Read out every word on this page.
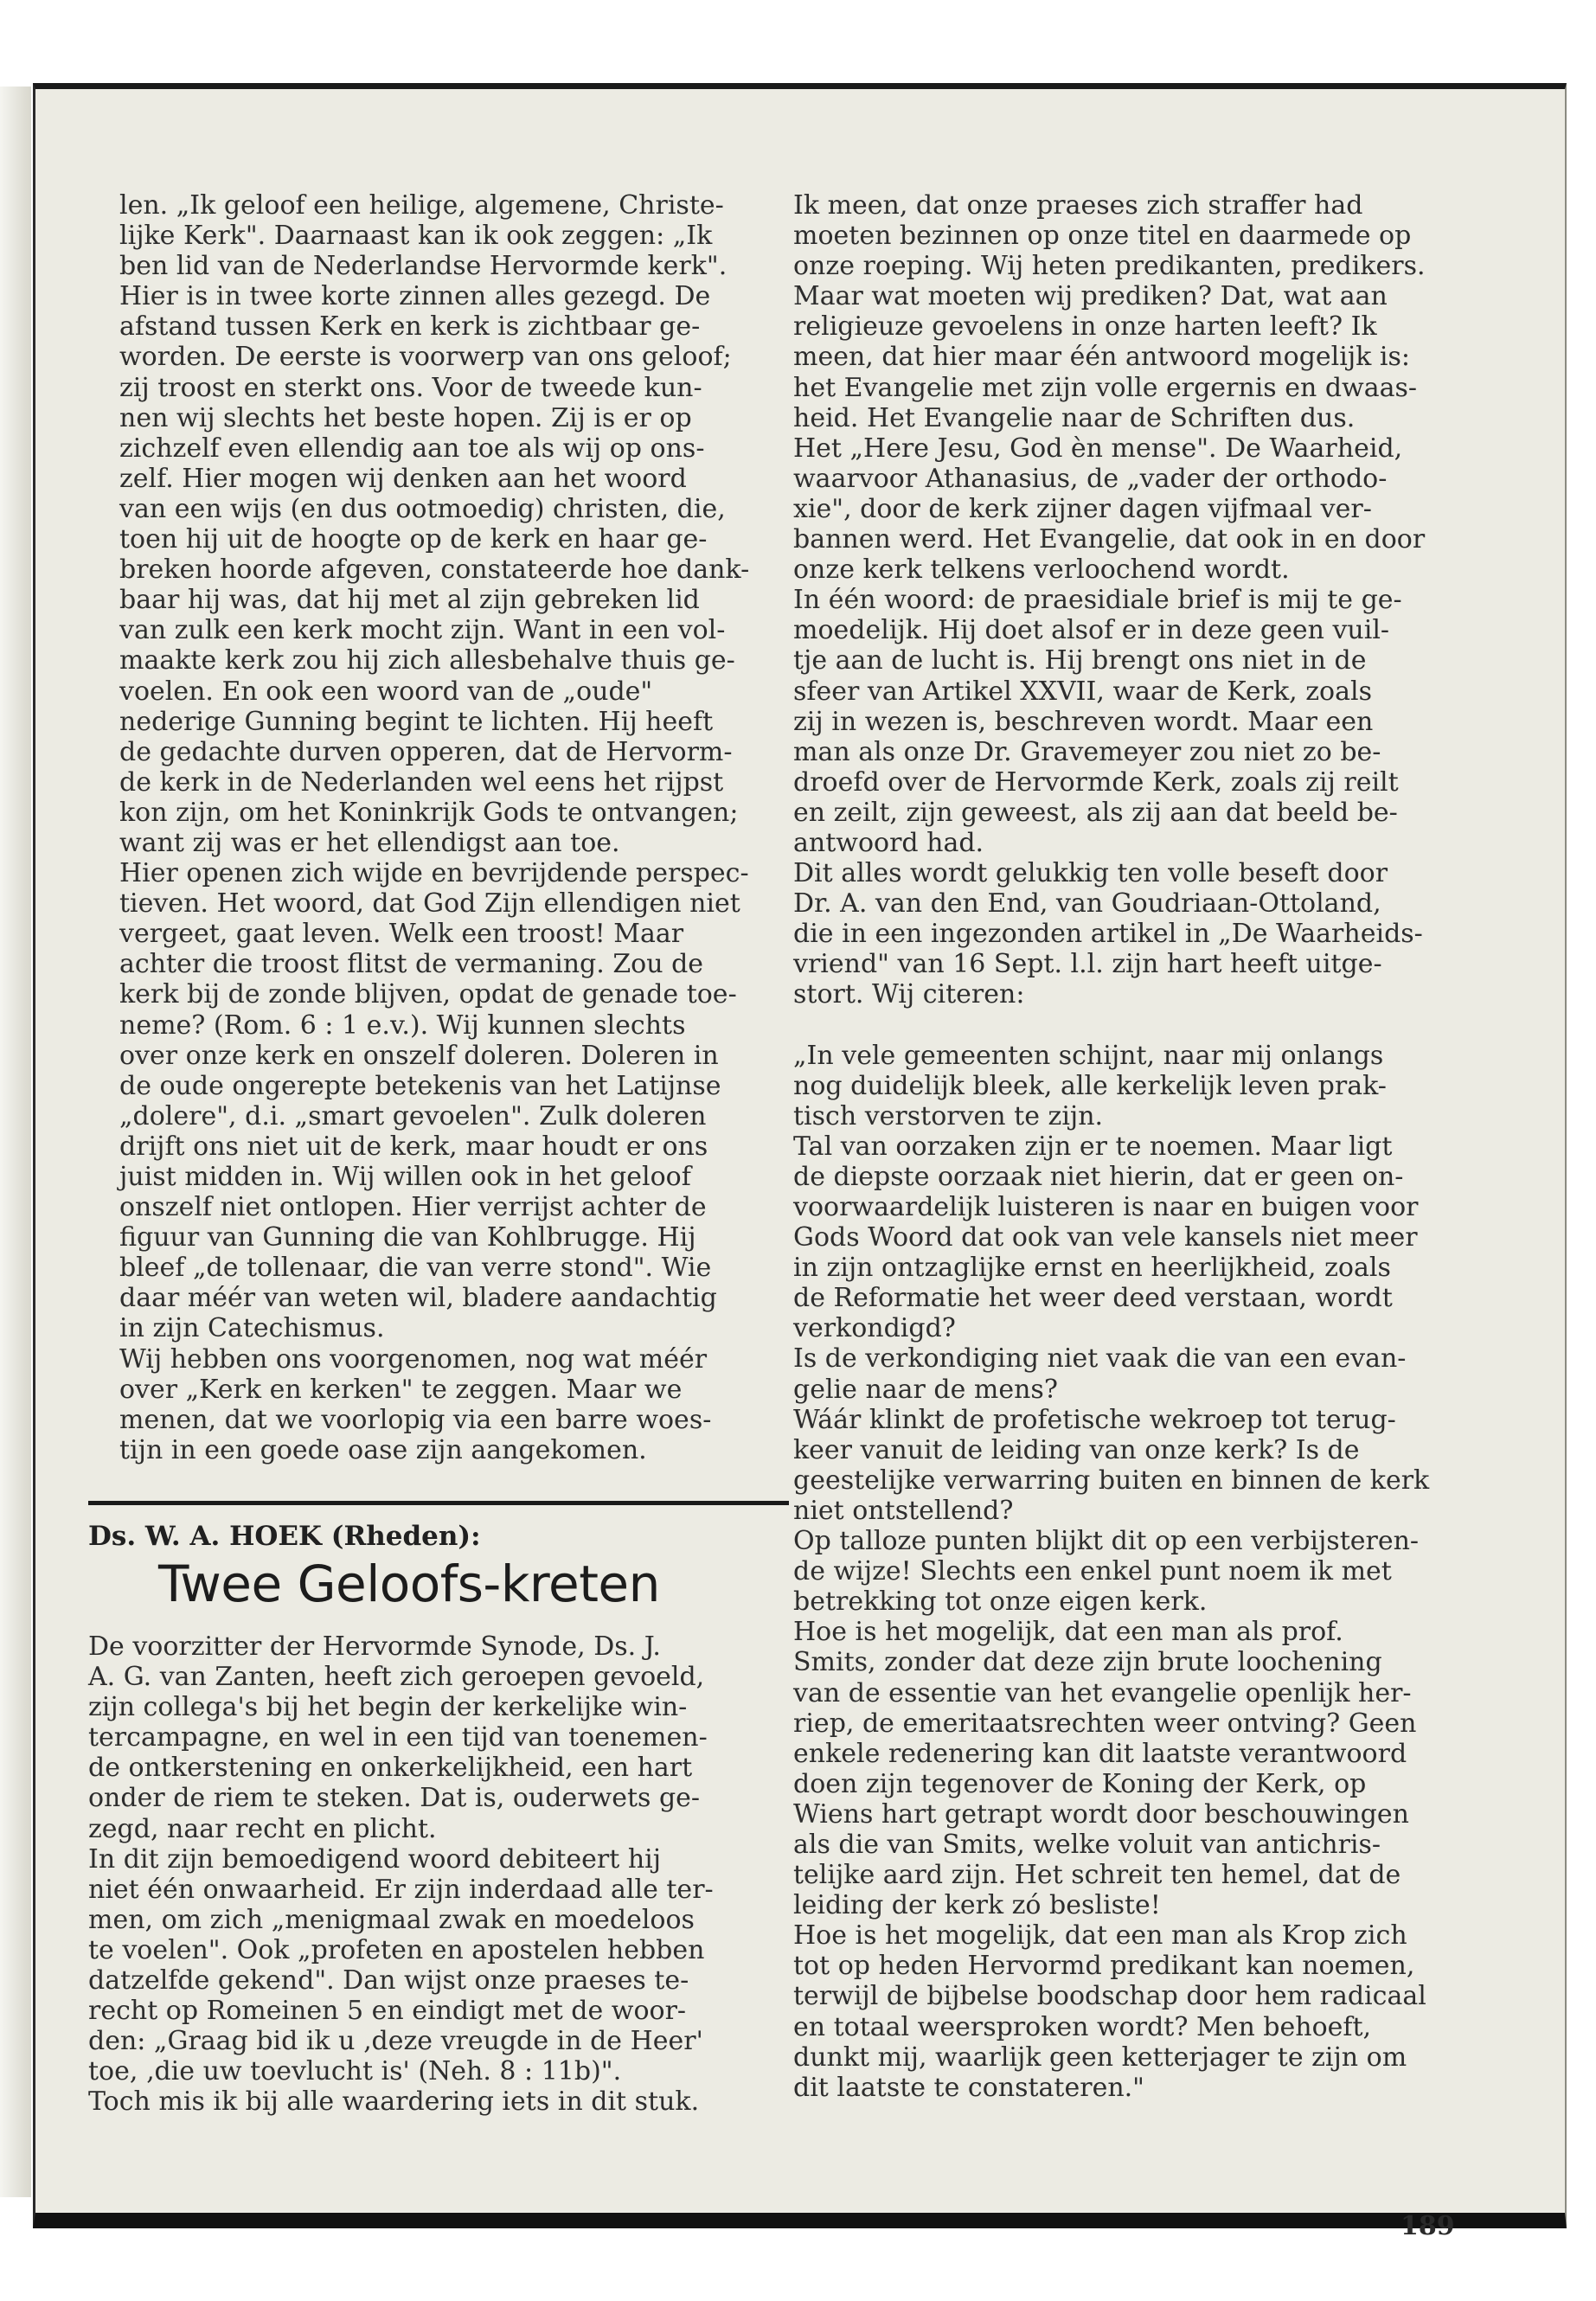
len. „Ik geloof een heilige, algemene, Christe-

lijke Kerk". Daarnaast kan ik ook zeggen: „Ik

ben lid van de Nederlandse Hervormde kerk".

Hier is in twee korte zinnen alles gezegd. De

afstand tussen Kerk en kerk is zichtbaar ge-

worden. De eerste is voorwerp van ons geloof;

zij troost en sterkt ons. Voor de tweede kun-

nen wij slechts het beste hopen. Zij is er op

zichzelf even ellendig aan toe als wij op ons-

zelf. Hier mogen wij denken aan het woord

van een wijs (en dus ootmoedig) christen, die,

toen hij uit de hoogte op de kerk en haar ge-

breken hoorde afgeven, constateerde hoe dank-

baar hij was, dat hij met al zijn gebreken lid

van zulk een kerk mocht zijn. Want in een vol-

maakte kerk zou hij zich allesbehalve thuis ge-

voelen. En ook een woord van de „oude"

nederige Gunning begint te lichten. Hij heeft

de gedachte durven opperen, dat de Hervorm-

de kerk in de Nederlanden wel eens het rijpst

kon zijn, om het Koninkrijk Gods te ontvangen;

want zij was er het ellendigst aan toe.

Hier openen zich wijde en bevrijdende perspec-

tieven. Het woord, dat God Zijn ellendigen niet

vergeet, gaat leven. Welk een troost! Maar

achter die troost flitst de vermaning. Zou de

kerk bij de zonde blijven, opdat de genade toe-

neme? (Rom. 6 : 1 e.v.). Wij kunnen slechts

over onze kerk en onszelf doleren. Doleren in

de oude ongerepte betekenis van het Latijnse

„dolere", d.i. „smart gevoelen". Zulk doleren

drijft ons niet uit de kerk, maar houdt er ons

juist midden in. Wij willen ook in het geloof

onszelf niet ontlopen. Hier verrijst achter de

figuur van Gunning die van Kohlbrugge. Hij

bleef „de tollenaar, die van verre stond". Wie

daar méér van weten wil, bladere aandachtig

in zijn Catechismus.

Wij hebben ons voorgenomen, nog wat méér

over „Kerk en kerken" te zeggen. Maar we

menen, dat we voorlopig via een barre woes-

tijn in een goede oase zijn aangekomen.

Ds. W. A. HOEK (Rheden):
Twee Geloofs-kreten

De voorzitter der Hervormde Synode, Ds. J.

A. G. van Zanten, heeft zich geroepen gevoeld,

zijn collega's bij het begin der kerkelijke win-

tercampagne, en wel in een tijd van toenemen-

de ontkerstening en onkerkelijkheid, een hart

onder de riem te steken. Dat is, ouderwets ge-

zegd, naar recht en plicht.

In dit zijn bemoedigend woord debiteert hij

niet één onwaarheid. Er zijn inderdaad alle ter-

men, om zich „menigmaal zwak en moedeloos

te voelen". Ook „profeten en apostelen hebben

datzelfde gekend". Dan wijst onze praeses te-

recht op Romeinen 5 en eindigt met de woor-

den: „Graag bid ik u ‚deze vreugde in de Heer'

toe, ‚die uw toevlucht is' (Neh. 8 : 11b)".

Toch mis ik bij alle waardering iets in dit stuk.

Ik meen, dat onze praeses zich straffer had

moeten bezinnen op onze titel en daarmede op

onze roeping. Wij heten predikanten, predikers.

Maar wat moeten wij prediken? Dat, wat aan

religieuze gevoelens in onze harten leeft? Ik

meen, dat hier maar één antwoord mogelijk is:

het Evangelie met zijn volle ergernis en dwaas-

heid. Het Evangelie naar de Schriften dus.

Het „Here Jesu, God èn mense". De Waarheid,

waarvoor Athanasius, de „vader der orthodo-

xie", door de kerk zijner dagen vijfmaal ver-

bannen werd. Het Evangelie, dat ook in en door

onze kerk telkens verloochend wordt.

In één woord: de praesidiale brief is mij te ge-

moedelijk. Hij doet alsof er in deze geen vuil-

tje aan de lucht is. Hij brengt ons niet in de

sfeer van Artikel XXVII, waar de Kerk, zoals

zij in wezen is, beschreven wordt. Maar een

man als onze Dr. Gravemeyer zou niet zo be-

droefd over de Hervormde Kerk, zoals zij reilt

en zeilt, zijn geweest, als zij aan dat beeld be-

antwoord had.

Dit alles wordt gelukkig ten volle beseft door

Dr. A. van den End, van Goudriaan-Ottoland,

die in een ingezonden artikel in „De Waarheids-

vriend" van 16 Sept. l.l. zijn hart heeft uitge-

stort. Wij citeren:

„In vele gemeenten schijnt, naar mij onlangs

nog duidelijk bleek, alle kerkelijk leven prak-

tisch verstorven te zijn.

Tal van oorzaken zijn er te noemen. Maar ligt

de diepste oorzaak niet hierin, dat er geen on-

voorwaardelijk luisteren is naar en buigen voor

Gods Woord dat ook van vele kansels niet meer

in zijn ontzaglijke ernst en heerlijkheid, zoals

de Reformatie het weer deed verstaan, wordt

verkondigd?

Is de verkondiging niet vaak die van een evan-

gelie naar de mens?

Wáár klinkt de profetische wekroep tot terug-

keer vanuit de leiding van onze kerk? Is de

geestelijke verwarring buiten en binnen de kerk

niet ontstellend?

Op talloze punten blijkt dit op een verbijsteren-

de wijze! Slechts een enkel punt noem ik met

betrekking tot onze eigen kerk.

Hoe is het mogelijk, dat een man als prof.

Smits, zonder dat deze zijn brute loochening

van de essentie van het evangelie openlijk her-

riep, de emeritaatsrechten weer ontving? Geen

enkele redenering kan dit laatste verantwoord

doen zijn tegenover de Koning der Kerk, op

Wiens hart getrapt wordt door beschouwingen

als die van Smits, welke voluit van antichris-

telijke aard zijn. Het schreit ten hemel, dat de

leiding der kerk zó besliste!

Hoe is het mogelijk, dat een man als Krop zich

tot op heden Hervormd predikant kan noemen,

terwijl de bijbelse boodschap door hem radicaal

en totaal weersproken wordt? Men behoeft,

dunkt mij, waarlijk geen ketterjager te zijn om

dit laatste te constateren."

189
